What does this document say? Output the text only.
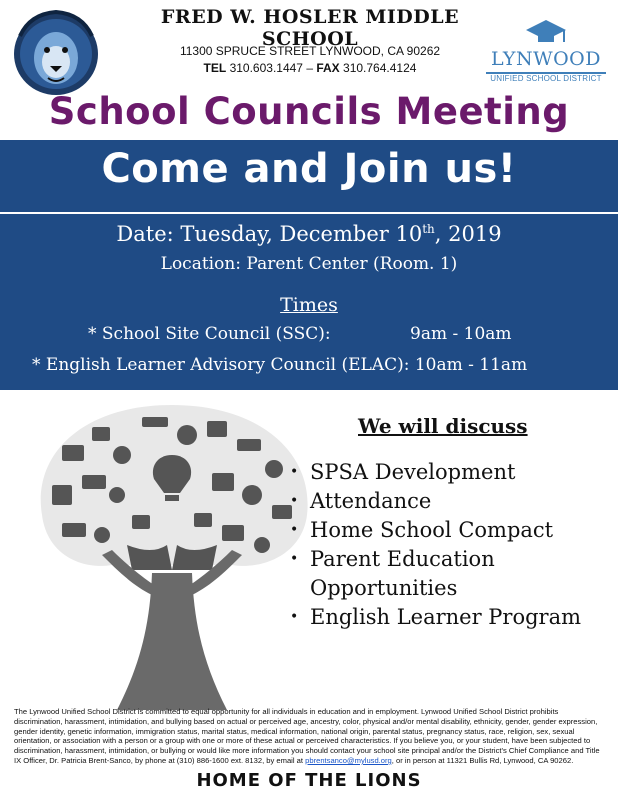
FRED W. HOSLER MIDDLE SCHOOL
11300 SPRUCE STREET LYNWOOD, CA 90262
TEL 310.603.1447 – FAX 310.764.4124	LYNWOOD
UNIFIED SCHOOL DISTRICT
School Councils Meeting
Come and Join us!
Date: Tuesday, December 10th, 2019
Location: Parent Center (Room. 1)
Times
* School Site Council (SSC):	9am - 10am
* English Learner Advisory Council (ELAC): 10am - 11am
We will discuss
• SPSA Development
• Attendance
• Home School Compact
• Parent Education Opportunities
• English Learner Program
The Lynwood Unified School District is committed to equal opportunity for all individuals in education and in employment. Lynwood Unified School District prohibits discrimination, harassment, intimidation, and bullying based on actual or perceived age, ancestry, color, physical and/or mental disability, ethnicity, gender, gender expression, gender identity, genetic information, immigration status, marital status, medical information, national origin, parental status, pregnancy status, race, religion, sex, sexual orientation, or association with a person or a group with one or more of these actual or perceived characteristics. If you believe you, or your student, have been subjected to discrimination, harassment, intimidation, or bullying or would like more information you should contact your school site principal and/or the District's Chief Compliance and Title IX Officer, Dr. Patricia Brent-Sanco, by phone at (310) 886-1600 ext. 8132, by email at pbrentsanco@mylusd.org, or in person at 11321 Bullis Rd, Lynwood, CA 90262.
HOME OF THE LIONS
